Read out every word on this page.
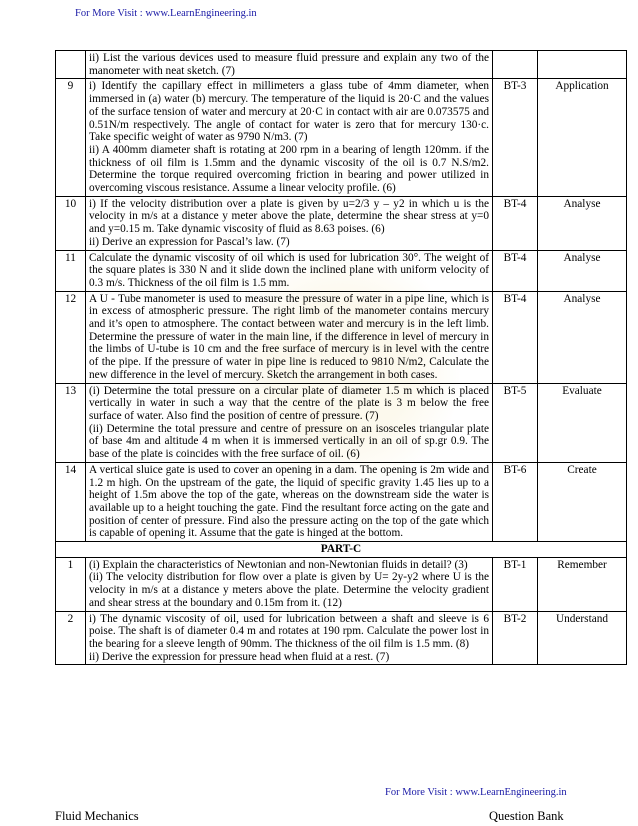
For More Visit : www.LearnEngineering.in

	ii) List the various devices used to measure fluid pressure and explain any two of the manometer with neat sketch. (7)		

9	i) Identify the capillary effect in millimeters a glass tube of 4mm diameter, when immersed in (a) water (b) mercury. The temperature of the liquid is 20·C and the values of the surface tension of water and mercury at 20·C in contact with air are 0.073575 and 0.51N/m respectively. The angle of contact for water is zero that for mercury 130·c. Take specific weight of water as 9790 N/m3. (7)
ii) A 400mm diameter shaft is rotating at 200 rpm in a bearing of length 120mm. if the thickness of oil film is 1.5mm and the dynamic viscosity of the oil is 0.7 N.S/m2. Determine the torque required overcoming friction in bearing and power utilized in overcoming viscous resistance. Assume a linear velocity profile. (6)	BT-3	Application
10	i) If the velocity distribution over a plate is given by u=2/3 y – y2 in which u is the velocity in m/s at a distance y meter above the plate, determine the shear stress at y=0 and y=0.15 m. Take dynamic viscosity of fluid as 8.63 poises. (6)
ii) Derive an expression for Pascal’s law. (7)	BT-4	Analyse
11	Calculate the dynamic viscosity of oil which is used for lubrication 30°. The weight of the square plates is 330 N and it slide down the inclined plane with uniform velocity of 0.3 m/s. Thickness of the oil film is 1.5 mm.	BT-4	Analyse
12	A U - Tube manometer is used to measure the pressure of water in a pipe line, which is in excess of atmospheric pressure. The right limb of the manometer contains mercury and it’s open to atmosphere. The contact between water and mercury is in the left limb. Determine the pressure of water in the main line, if the difference in level of mercury in the limbs of U-tube is 10 cm and the free surface of mercury is in level with the centre of the pipe. If the pressure of water in pipe line is reduced to 9810 N/m2, Calculate the new difference in the level of mercury. Sketch the arrangement in both cases.	BT-4	Analyse
13	(i) Determine the total pressure on a circular plate of diameter 1.5 m which is placed vertically in water in such a way that the centre of the plate is 3 m below the free surface of water. Also find the position of centre of pressure. (7)
(ii) Determine the total pressure and centre of pressure on an isosceles triangular plate of base 4m and altitude 4 m when it is immersed vertically in an oil of sp.gr 0.9. The base of the plate is coincides with the free surface of oil. (6)	BT-5	Evaluate
14	A vertical sluice gate is used to cover an opening in a dam. The opening is 2m wide and 1.2 m high. On the upstream of the gate, the liquid of specific gravity 1.45 lies up to a height of 1.5m above the top of the gate, whereas on the downstream side the water is available up to a height touching the gate. Find the resultant force acting on the gate and position of center of pressure. Find also the pressure acting on the top of the gate which is capable of opening it. Assume that the gate is hinged at the bottom.	BT-6	Create
PART-C			
1	(i) Explain the characteristics of Newtonian and non-Newtonian fluids in detail? (3)
(ii) The velocity distribution for flow over a plate is given by U= 2y-y2 where U is the velocity in m/s at a distance y meters above the plate. Determine the velocity gradient and shear stress at the boundary and 0.15m from it. (12)	BT-1	Remember
2	i) The dynamic viscosity of oil, used for lubrication between a shaft and sleeve is 6 poise. The shaft is of diameter 0.4 m and rotates at 190 rpm. Calculate the power lost in the bearing for a sleeve length of 90mm. The thickness of the oil film is 1.5 mm. (8)
ii) Derive the expression for pressure head when fluid at a rest. (7)	BT-2	Understand
For More Visit : www.LearnEngineering.in
Fluid Mechanics	Question Bank
